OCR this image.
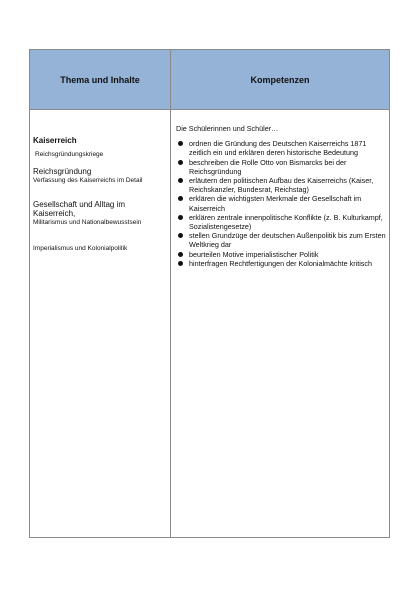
Thema und Inhalte	Kompetenzen
Kaiserreich
Reichsgründungskriege
Reichsgründung
Verfassung des Kaiserreichs im Detail
Gesellschaft und Alltag im Kaiserreich,
Militarismus und Nationalbewusstsein
Imperialismus und Kolonialpolitik
Die Schülerinnen und Schüler…
ordnen die Gründung des Deutschen Kaiserreichs 1871 zeitlich ein und erklären deren historische Bedeutung
beschreiben die Rolle Otto von Bismarcks bei der Reichsgründung
erläutern den politischen Aufbau des Kaiserreichs (Kaiser, Reichskanzler, Bundesrat, Reichstag)
erklären die wichtigsten Merkmale der Gesellschaft im Kaiserreich
erklären zentrale innenpolitische Konflikte (z. B. Kulturkampf, Sozialistengesetze)
stellen Grundzüge der deutschen Außenpolitik bis zum Ersten Weltkrieg dar
beurteilen Motive imperialistischer Politik
hinterfragen Rechtfertigungen der Kolonialmächte kritisch
